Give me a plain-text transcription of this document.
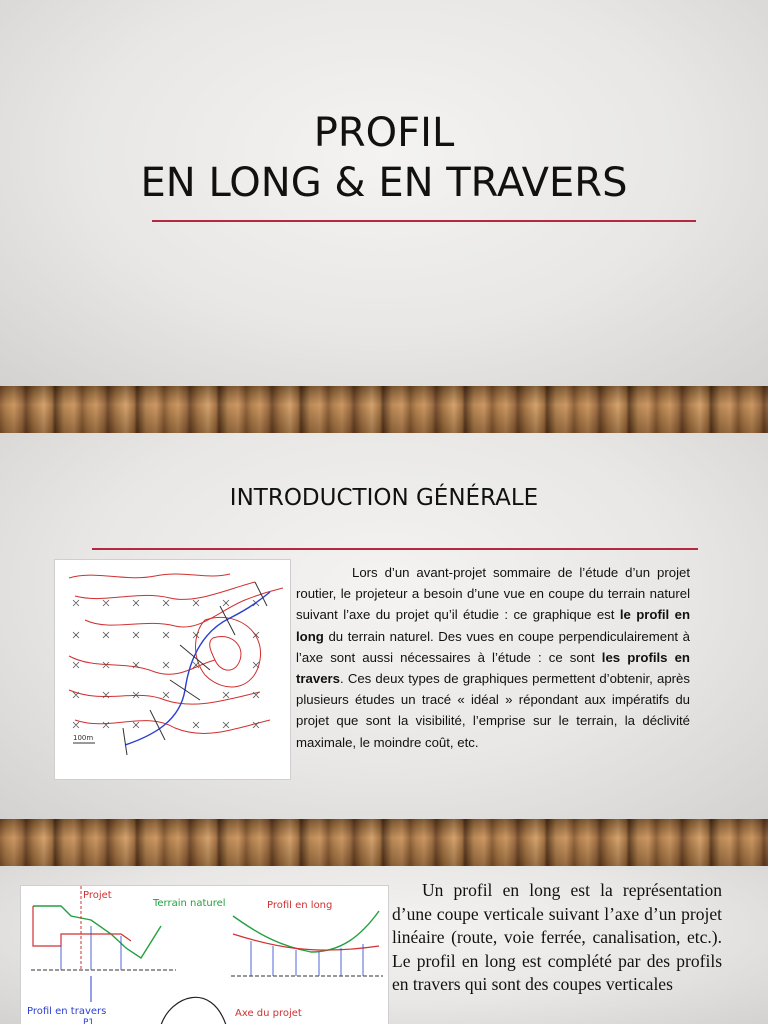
PROFIL
EN LONG & EN TRAVERS
INTRODUCTION GÉNÉRALE
100m
Lors d’un avant-projet sommaire de l’étude d’un projet routier, le projeteur a besoin d’une vue en coupe du terrain naturel suivant l’axe du projet qu’il étudie : ce graphique est le profil en long du terrain naturel. Des vues en coupe perpendiculairement à l’axe sont aussi nécessaires à l’étude : ce sont les profils en travers. Ces deux types de graphiques permettent d’obtenir, après plusieurs études un tracé « idéal » répondant aux impératifs du projet que sont la visibilité, l’emprise sur le terrain, la déclivité maximale, le moindre coût, etc.
Projet
Terrain naturel
Profil en travers
P1
Profil en long
Axe du projet
Un profil en long est la représentation d’une coupe verticale suivant l’axe d’un projet linéaire (route, voie ferrée, canalisation, etc.). Le profil en long est complété par des profils en travers qui sont des coupes verticales
